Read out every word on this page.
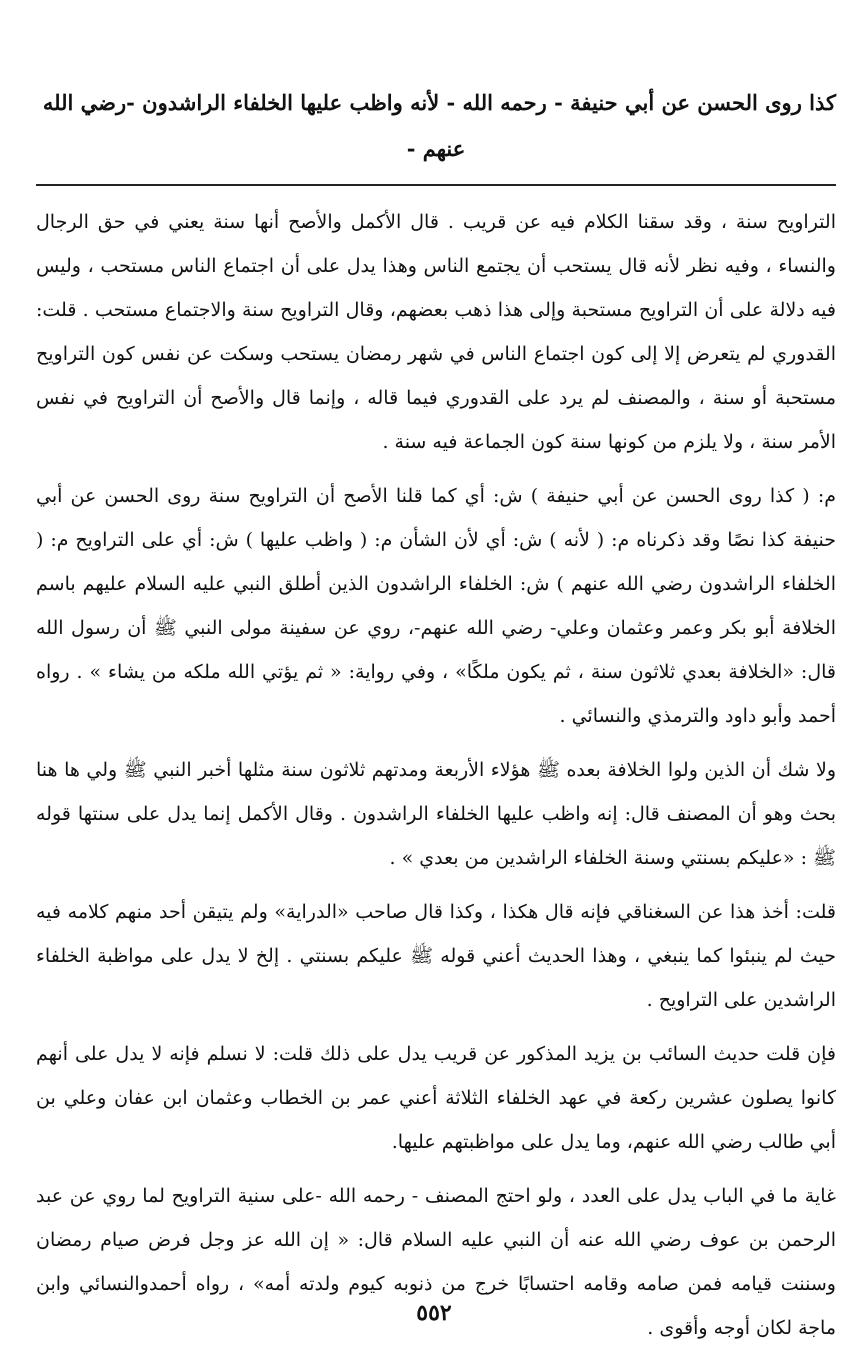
كذا روى الحسن عن أبي حنيفة - رحمه الله - لأنه واظب عليها الخلفاء الراشدون -رضي الله
عنهم -

التراويح سنة ، وقد سقنا الكلام فيه عن قريب . قال الأكمل والأصح أنها سنة يعني في حق الرجال والنساء ، وفيه نظر لأنه قال يستحب أن يجتمع الناس وهذا يدل على أن اجتماع الناس مستحب ، وليس فيه دلالة على أن التراويح مستحبة وإلى هذا ذهب بعضهم، وقال التراويح سنة والاجتماع مستحب . قلت: القدوري لم يتعرض إلا إلى كون اجتماع الناس في شهر رمضان يستحب وسكت عن نفس كون التراويح مستحبة أو سنة ، والمصنف لم يرد على القدوري فيما قاله ، وإنما قال والأصح أن التراويح في نفس الأمر سنة ، ولا يلزم من كونها سنة كون الجماعة فيه سنة .

م: ( كذا روى الحسن عن أبي حنيفة ) ش: أي كما قلنا الأصح أن التراويح سنة روى الحسن عن أبي حنيفة كذا نصًا وقد ذكرناه م: ( لأنه ) ش: أي لأن الشأن م: ( واظب عليها ) ش: أي على التراويح م: ( الخلفاء الراشدون رضي الله عنهم ) ش: الخلفاء الراشدون الذين أطلق النبي عليه السلام عليهم باسم الخلافة أبو بكر وعمر وعثمان وعلي- رضي الله عنهم-، روي عن سفينة مولى النبي ﷺ أن رسول الله قال: «الخلافة بعدي ثلاثون سنة ، ثم يكون ملكًا» ، وفي رواية: « ثم يؤتي الله ملكه من يشاء » . رواه أحمد وأبو داود والترمذي والنسائي .

ولا شك أن الذين ولوا الخلافة بعده ﷺ هؤلاء الأربعة ومدتهم ثلاثون سنة مثلها أخبر النبي ﷺ ولي ها هنا بحث وهو أن المصنف قال: إنه واظب عليها الخلفاء الراشدون . وقال الأكمل إنما يدل على سنتها قوله ﷺ : «عليكم بسنتي وسنة الخلفاء الراشدين من بعدي » .

قلت: أخذ هذا عن السغناقي فإنه قال هكذا ، وكذا قال صاحب «الدراية» ولم يتيقن أحد منهم كلامه فيه حيث لم ينبئوا كما ينبغي ، وهذا الحديث أعني قوله ﷺ عليكم بسنتي . إلخ لا يدل على مواظبة الخلفاء الراشدين على التراويح .

فإن قلت حديث السائب بن يزيد المذكور عن قريب يدل على ذلك قلت: لا نسلم فإنه لا يدل على أنهم كانوا يصلون عشرين ركعة في عهد الخلفاء الثلاثة أعني عمر بن الخطاب وعثمان ابن عفان وعلي بن أبي طالب رضي الله عنهم، وما يدل على مواظبتهم عليها.

غاية ما في الباب يدل على العدد ، ولو احتج المصنف - رحمه الله -على سنية التراويح لما روي عن عبد الرحمن بن عوف رضي الله عنه أن النبي عليه السلام قال: « إن الله عز وجل فرض صيام رمضان وسننت قيامه فمن صامه وقامه احتسابًا خرج من ذنوبه كيوم ولدته أمه» ، رواه أحمدوالنسائي وابن ماجة لكان أوجه وأقوى .

٥٥٢
